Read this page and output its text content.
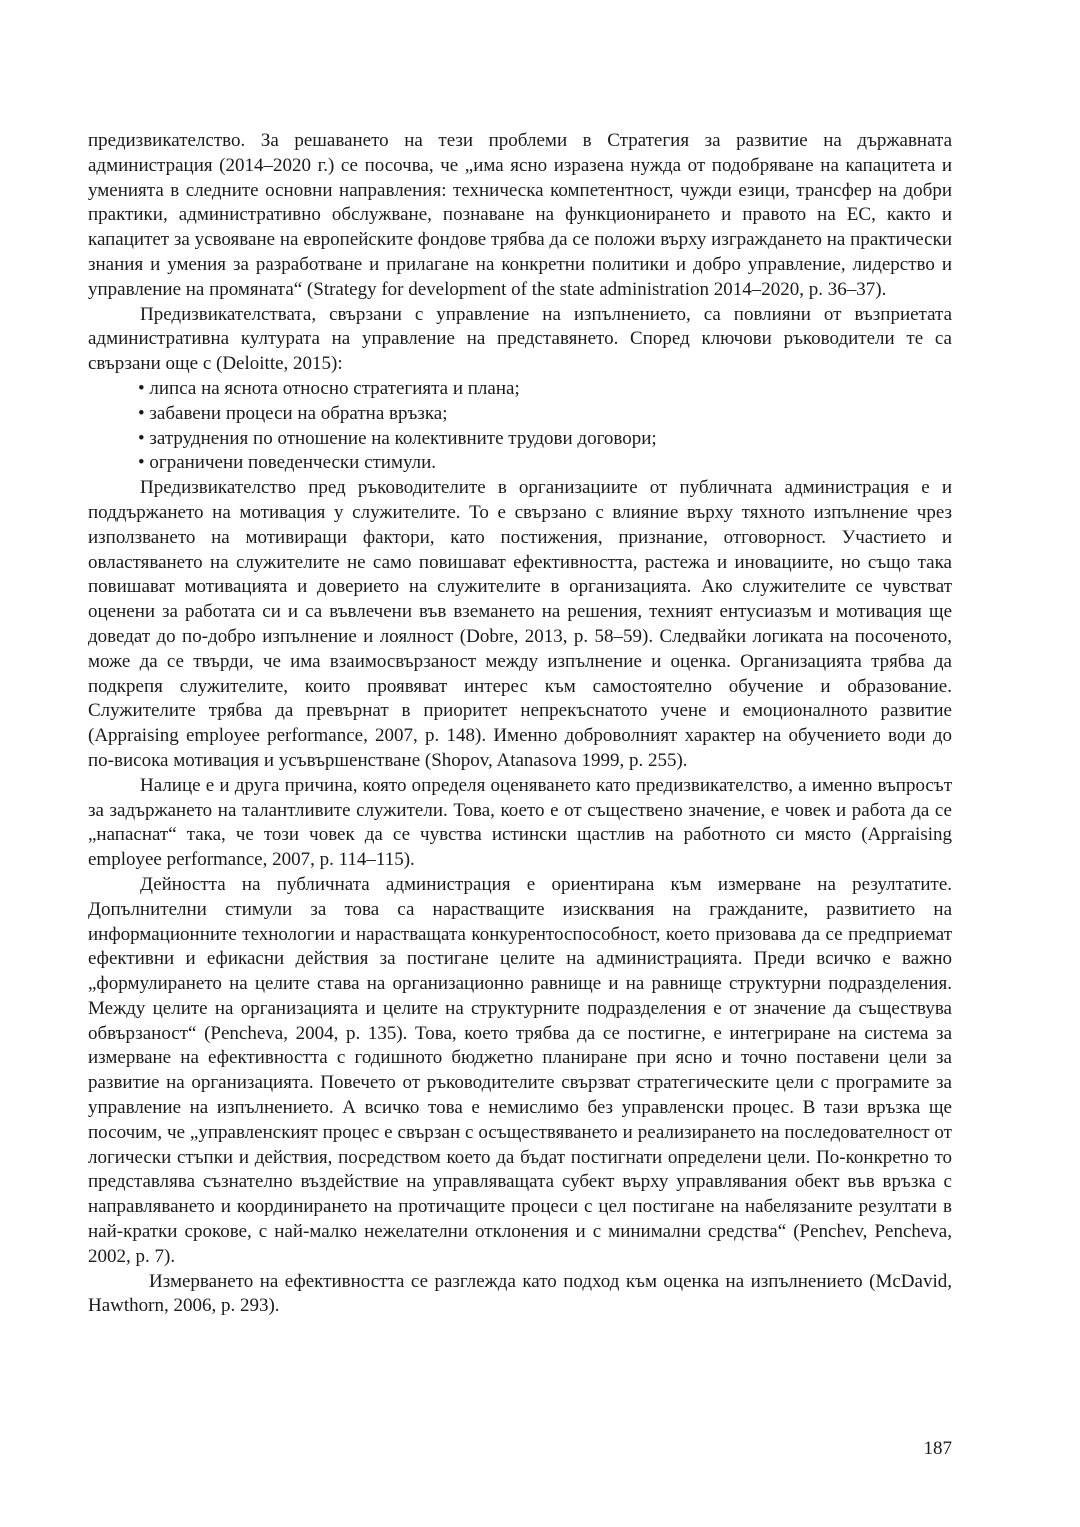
предизвикателство. За решаването на тези проблеми в Стратегия за развитие на държавната администрация (2014–2020 г.) се посочва, че „има ясно изразена нужда от подобряване на капацитета и уменията в следните основни направления: техническа компетентност, чужди езици, трансфер на добри практики, административно обслужване, познаване на функционирането и правото на ЕС, както и капацитет за усвояване на европейските фондове трябва да се положи върху изграждането на практически знания и умения за разработване и прилагане на конкретни политики и добро управление, лидерство и управление на промяната“ (Strategy for development of the state administration 2014–2020, p. 36–37).

Предизвикателствата, свързани с управление на изпълнението, са повлияни от възприетата административна културата на управление на представянето. Според ключови ръководители те са свързани още с (Deloitte, 2015):

• липса на яснота относно стратегията и плана;
• забавени процеси на обратна връзка;
• затруднения по отношение на колективните трудови договори;
• ограничени поведенчески стимули.

Предизвикателство пред ръководителите в организациите от публичната администрация е и поддържането на мотивация у служителите. То е свързано с влияние върху тяхното изпълнение чрез използването на мотивиращи фактори, като постижения, признание, отговорност. Участието и овластяването на служителите не само повишават ефективността, растежа и иновациите, но също така повишават мотивацията и доверието на служителите в организацията. Ако служителите се чувстват оценени за работата си и са въвлечени във вземането на решения, техният ентусиазъм и мотивация ще доведат до по-добро изпълнение и лоялност (Dobre, 2013, p. 58–59). Следвайки логиката на посоченото, може да се твърди, че има взаимосвързаност между изпълнение и оценка. Организацията трябва да подкрепя служителите, които проявяват интерес към самостоятелно обучение и образование. Служителите трябва да превърнат в приоритет непрекъснатото учене и емоционалното развитие (Appraising employee performance, 2007, p. 148). Именно доброволният характер на обучението води до по-висока мотивация и усъвършенстване (Shopov, Atanasova 1999, p. 255).

Налице е и друга причина, която определя оценяването като предизвикателство, а именно въпросът за задържането на талантливите служители. Това, което е от съществено значение, е човек и работа да се „напаснат“ така, че този човек да се чувства истински щастлив на работното си място (Appraising employee performance, 2007, p. 114–115).

Дейността на публичната администрация е ориентирана към измерване на резултатите. Допълнителни стимули за това са нарастващите изисквания на гражданите, развитието на информационните технологии и нарастващата конкурентоспособност, което призовава да се предприемат ефективни и ефикасни действия за постигане целите на администрацията. Преди всичко е важно „формулирането на целите става на организационно равнище и на равнище структурни подразделения. Между целите на организацията и целите на структурните подразделения е от значение да съществува обвързаност“ (Pencheva, 2004, p. 135). Това, което трябва да се постигне, е интегриране на система за измерване на ефективността с годишното бюджетно планиране при ясно и точно поставени цели за развитие на организацията. Повечето от ръководителите свързват стратегическите цели с програмите за управление на изпълнението. А всичко това е немислимо без управленски процес. В тази връзка ще посочим, че „управленският процес е свързан с осъществяването и реализирането на последователност от логически стъпки и действия, посредством което да бъдат постигнати определени цели. По-конкретно то представлява съзнателно въздействие на управляващата субект върху управлявания обект във връзка с направляването и координирането на протичащите процеси с цел постигане на набелязаните резултати в най-кратки срокове, с най-малко нежелателни отклонения и с минимални средства“ (Penchev, Pencheva, 2002, p. 7).

Измерването на ефективността се разглежда като подход към оценка на изпълнението (McDavid, Hawthorn, 2006, p. 293).

187
